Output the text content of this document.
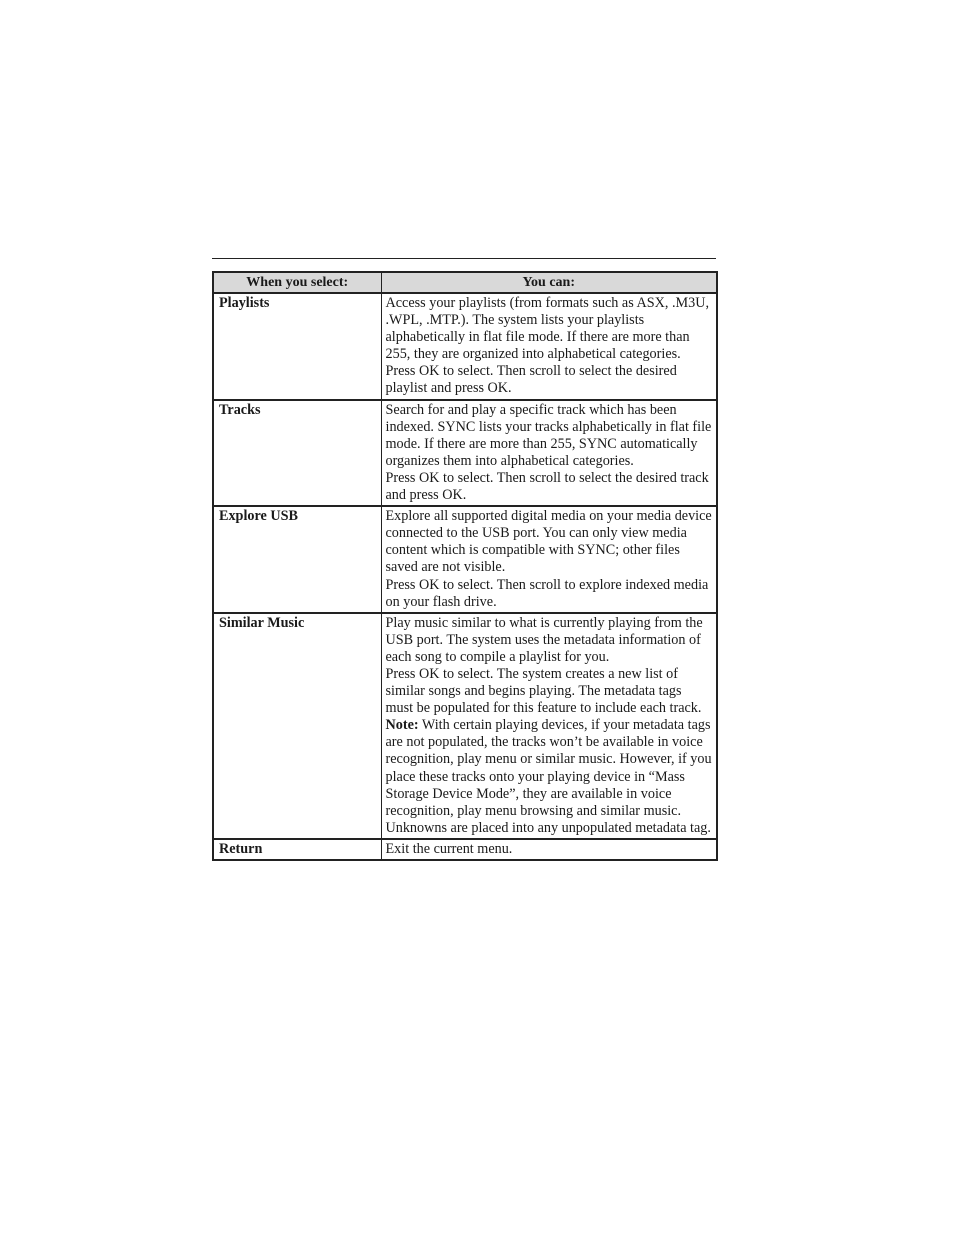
When you select:	You can:
Playlists	Access your playlists (from formats such as ASX, .M3U, .WPL, .MTP.). The system lists your playlists alphabetically in flat file mode. If there are more than 255, they are organized into alphabetical categories.
Press OK to select. Then scroll to select the desired playlist and press OK.

Tracks	Search for and play a specific track which has been indexed. SYNC lists your tracks alphabetically in flat file mode. If there are more than 255, SYNC automatically organizes them into alphabetical categories.
Press OK to select. Then scroll to select the desired track and press OK.

Explore USB	Explore all supported digital media on your media device connected to the USB port. You can only view media content which is compatible with SYNC; other files saved are not visible.
Press OK to select. Then scroll to explore indexed media on your flash drive.

Similar Music	Play music similar to what is currently playing from the USB port. The system uses the metadata information of each song to compile a playlist for you.
Press OK to select. The system creates a new list of similar songs and begins playing. The metadata tags must be populated for this feature to include each track.
Note: With certain playing devices, if your metadata tags are not populated, the tracks won’t be available in voice recognition, play menu or similar music. However, if you place these tracks onto your playing device in “Mass Storage Device Mode”, they are available in voice recognition, play menu browsing and similar music. Unknowns are placed into any unpopulated metadata tag.

Return	Exit the current menu.
